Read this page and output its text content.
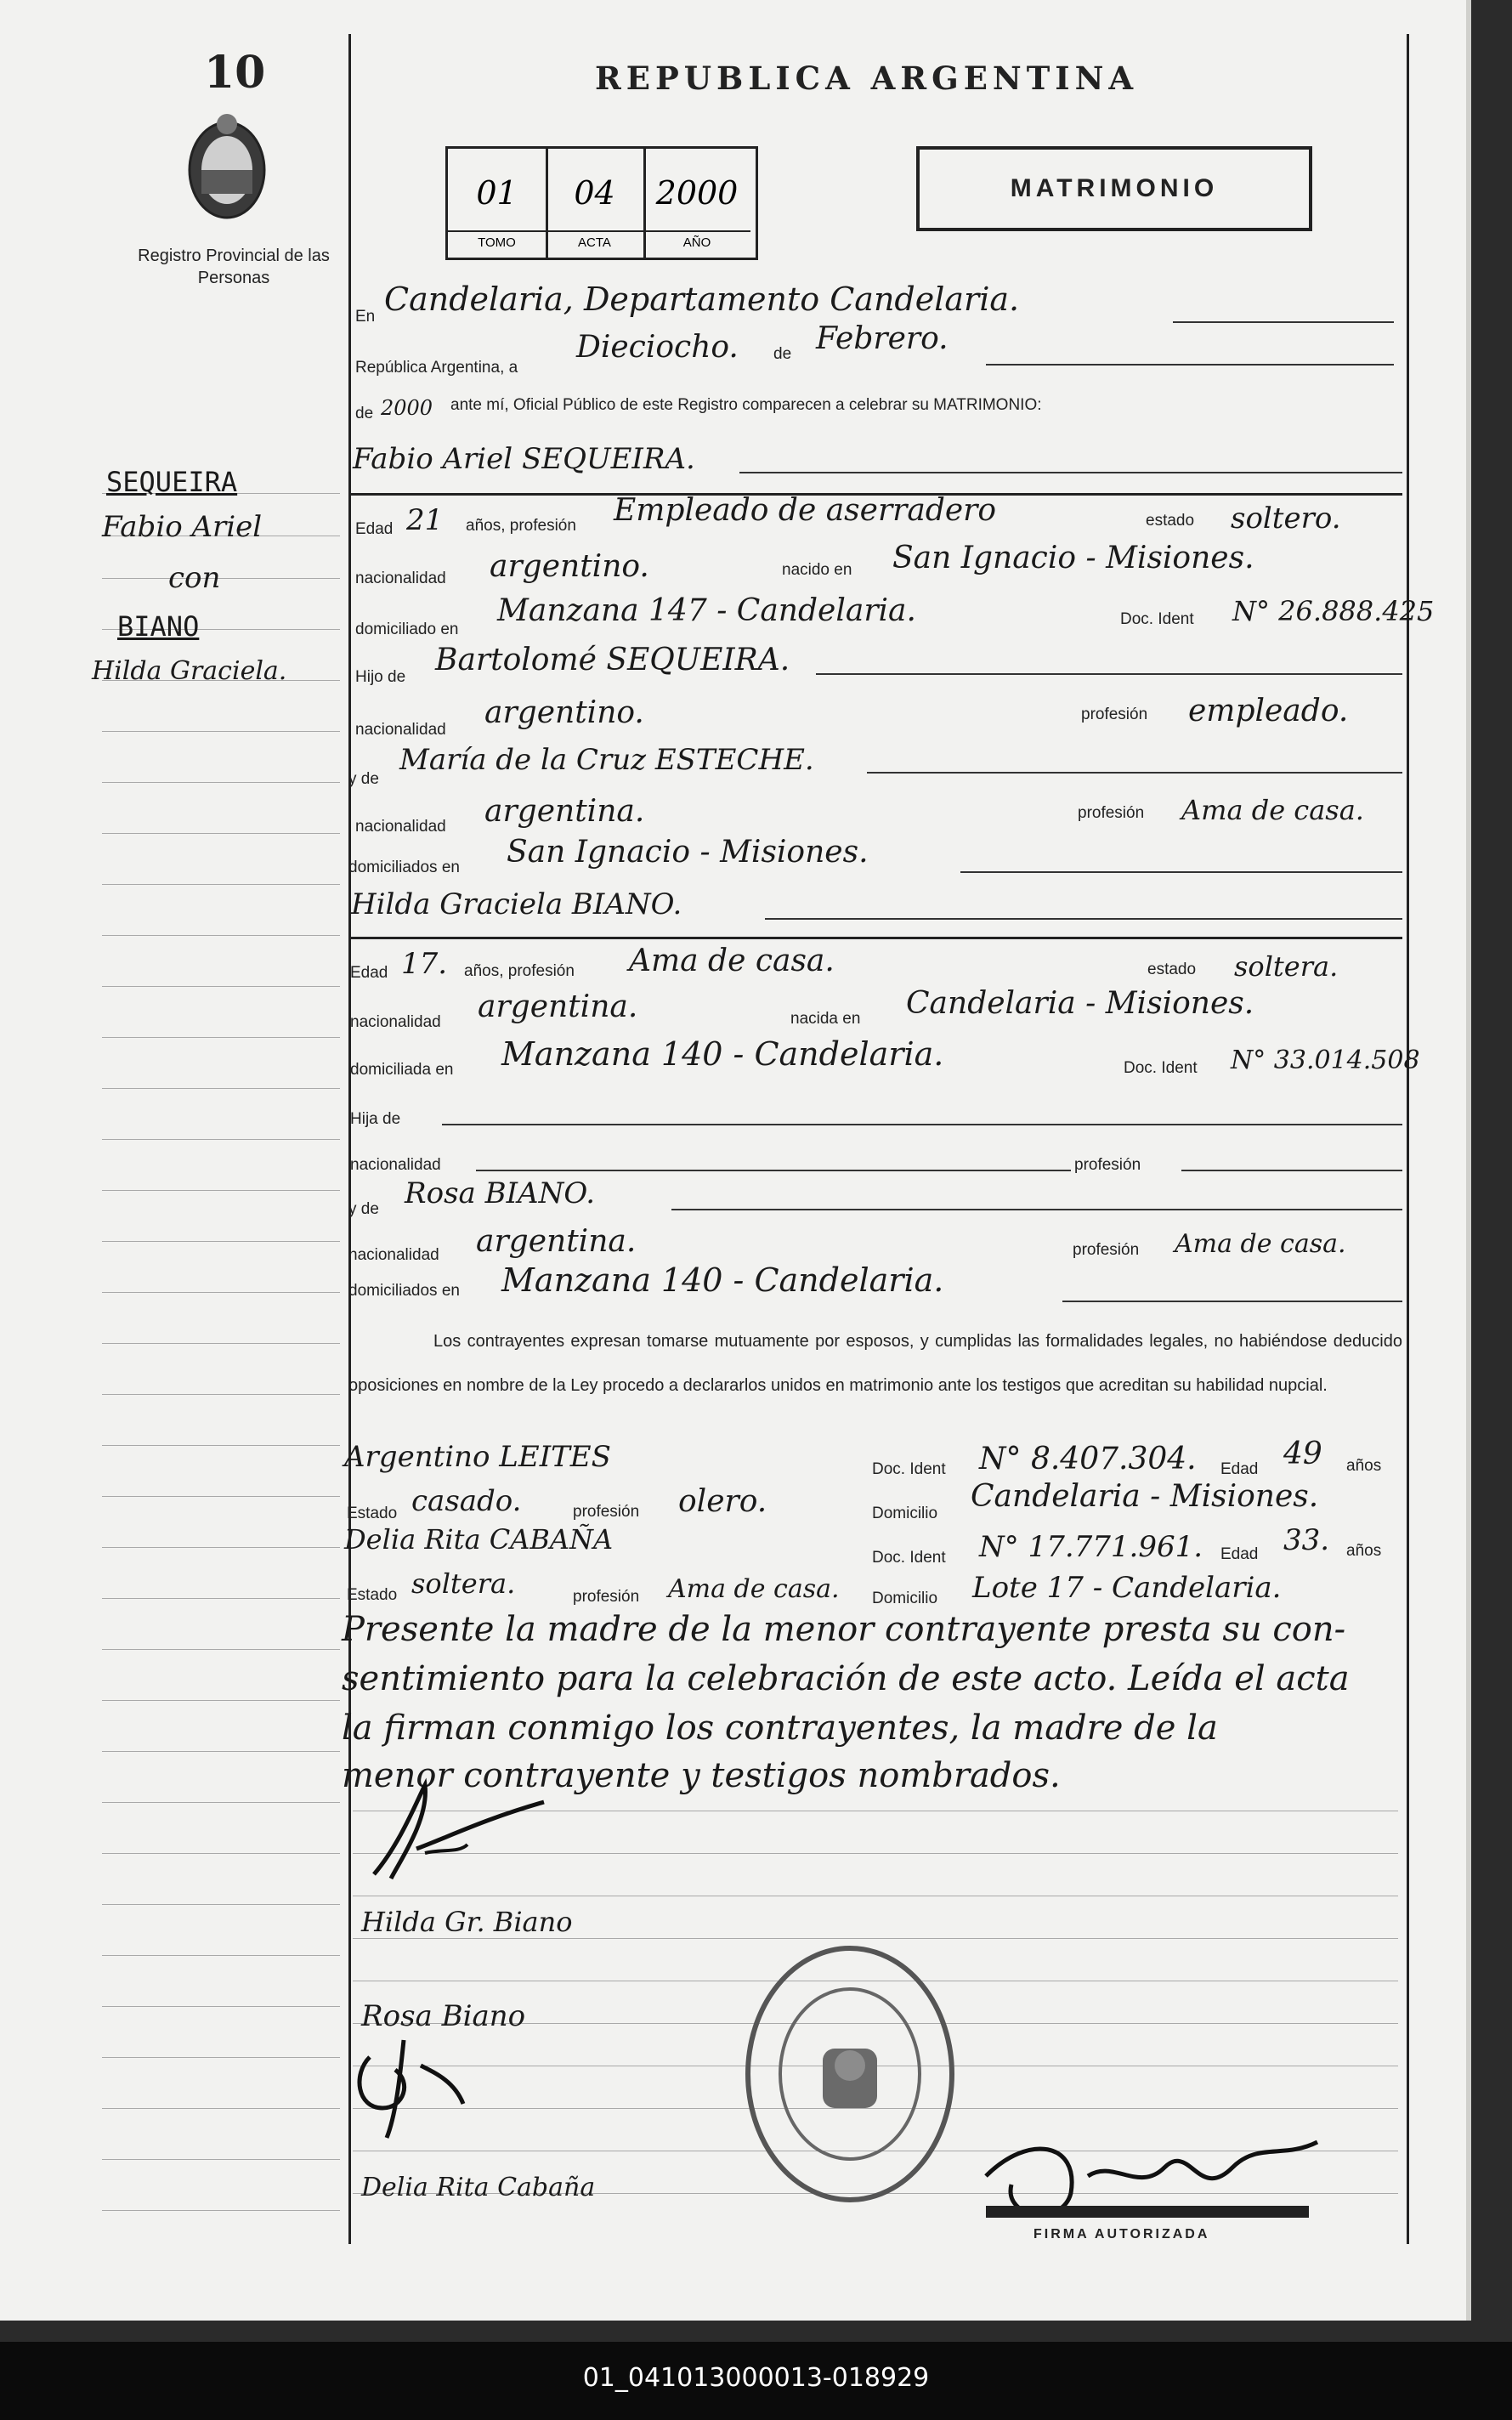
10
Registro Provincial de las Personas
REPUBLICA ARGENTINA
01
TOMO
04
ACTA
2000
AÑO
MATRIMONIO
SEQUEIRA
Fabio Ariel
con
BIANO
Hilda Graciela.
En Candelaria, Departamento Candelaria.
República Argentina, a
Dieciocho. de Febrero.
de 2000 ante mí, Oficial Público de este Registro comparecen a celebrar su MATRIMONIO:
Fabio Ariel SEQUEIRA.
Edad 21 años, profesión Empleado de aserradero	estado soltero.
nacionalidad argentino.	nacido en San Ignacio - Misiones.
domiciliado en
Manzana 147 - Candelaria.	Doc. Ident N° 26.888.425
Hijo de Bartolomé SEQUEIRA.
nacionalidad argentino.	profesión empleado.
y de
María de la Cruz ESTECHE.
nacionalidad argentina.	profesión Ama de casa.
domiciliados en San Ignacio - Misiones.
Hilda Graciela BIANO.
Edad 17. años, profesión Ama de casa.	estado soltera.
nacionalidad argentina.	nacida en Candelaria - Misiones.
domiciliada en Manzana 140 - Candelaria.	Doc. Ident N° 33.014.508
Hija de
nacionalidad	profesión
y de Rosa BIANO.
nacionalidad argentina.	profesión Ama de casa.
domiciliados en Manzana 140 - Candelaria.
Los contrayentes expresan tomarse mutuamente por esposos, y cumplidas las formalidades legales, no habiéndose deducido oposiciones en nombre de la Ley procedo a declararlos unidos en matrimonio ante los testigos que acreditan su habilidad nupcial.
Argentino LEITES	Doc. Ident N° 8.407.304. Edad 49 años
Estado casado.	profesión olero.	Domicilio Candelaria - Misiones.
Delia Rita CABAÑA
Doc. Ident N° 17.771.961. Edad 33. años
Estado soltera.	profesión Ama de casa. Domicilio Lote 17 - Candelaria.
Presente la madre de la menor contrayente presta su con-
sentimiento para la celebración de este acto. Leída el acta
la firman conmigo los contrayentes, la madre de la
menor contrayente y testigos nombrados.
Hilda Gr. Biano
Rosa Biano
Delia Rita Cabaña
FIRMA AUTORIZADA
01_041013000013-018929
